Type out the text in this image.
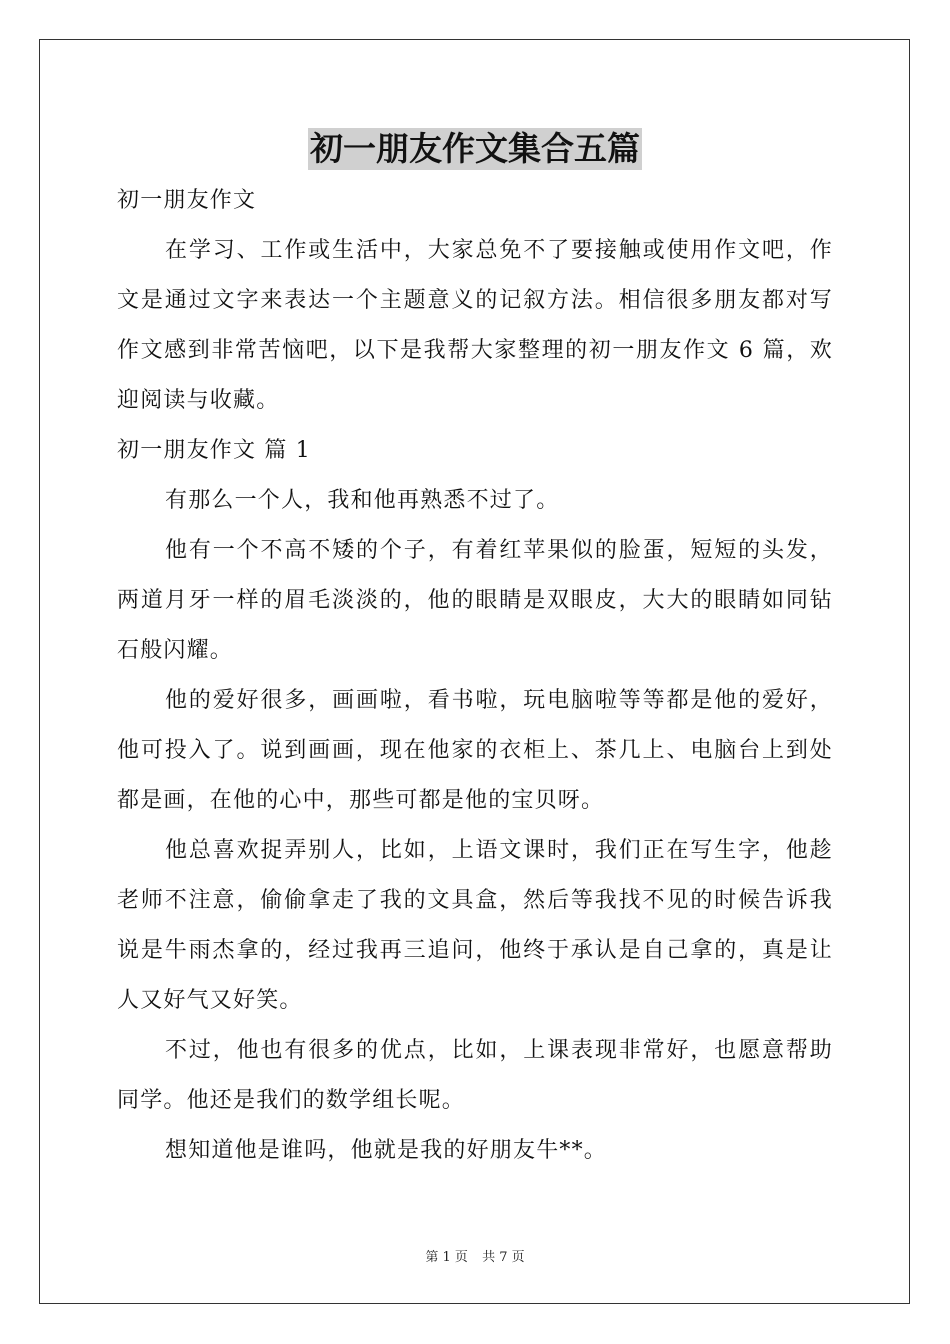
初一朋友作文集合五篇

初一朋友作文

在学习、工作或生活中，大家总免不了要接触或使用作文吧，作文是通过文字来表达一个主题意义的记叙方法。相信很多朋友都对写作文感到非常苦恼吧，以下是我帮大家整理的初一朋友作文 6 篇，欢迎阅读与收藏。

初一朋友作文 篇 1

有那么一个人，我和他再熟悉不过了。

他有一个不高不矮的个子，有着红苹果似的脸蛋，短短的头发，两道月牙一样的眉毛淡淡的，他的眼睛是双眼皮，大大的眼睛如同钻石般闪耀。

他的爱好很多，画画啦，看书啦，玩电脑啦等等都是他的爱好，他可投入了。说到画画，现在他家的衣柜上、茶几上、电脑台上到处都是画，在他的心中，那些可都是他的宝贝呀。

他总喜欢捉弄别人，比如，上语文课时，我们正在写生字，他趁老师不注意，偷偷拿走了我的文具盒，然后等我找不见的时候告诉我说是牛雨杰拿的，经过我再三追问，他终于承认是自己拿的，真是让人又好气又好笑。

不过，他也有很多的优点，比如，上课表现非常好，也愿意帮助同学。他还是我们的数学组长呢。

想知道他是谁吗，他就是我的好朋友牛**。

第 1 页 共 7 页
